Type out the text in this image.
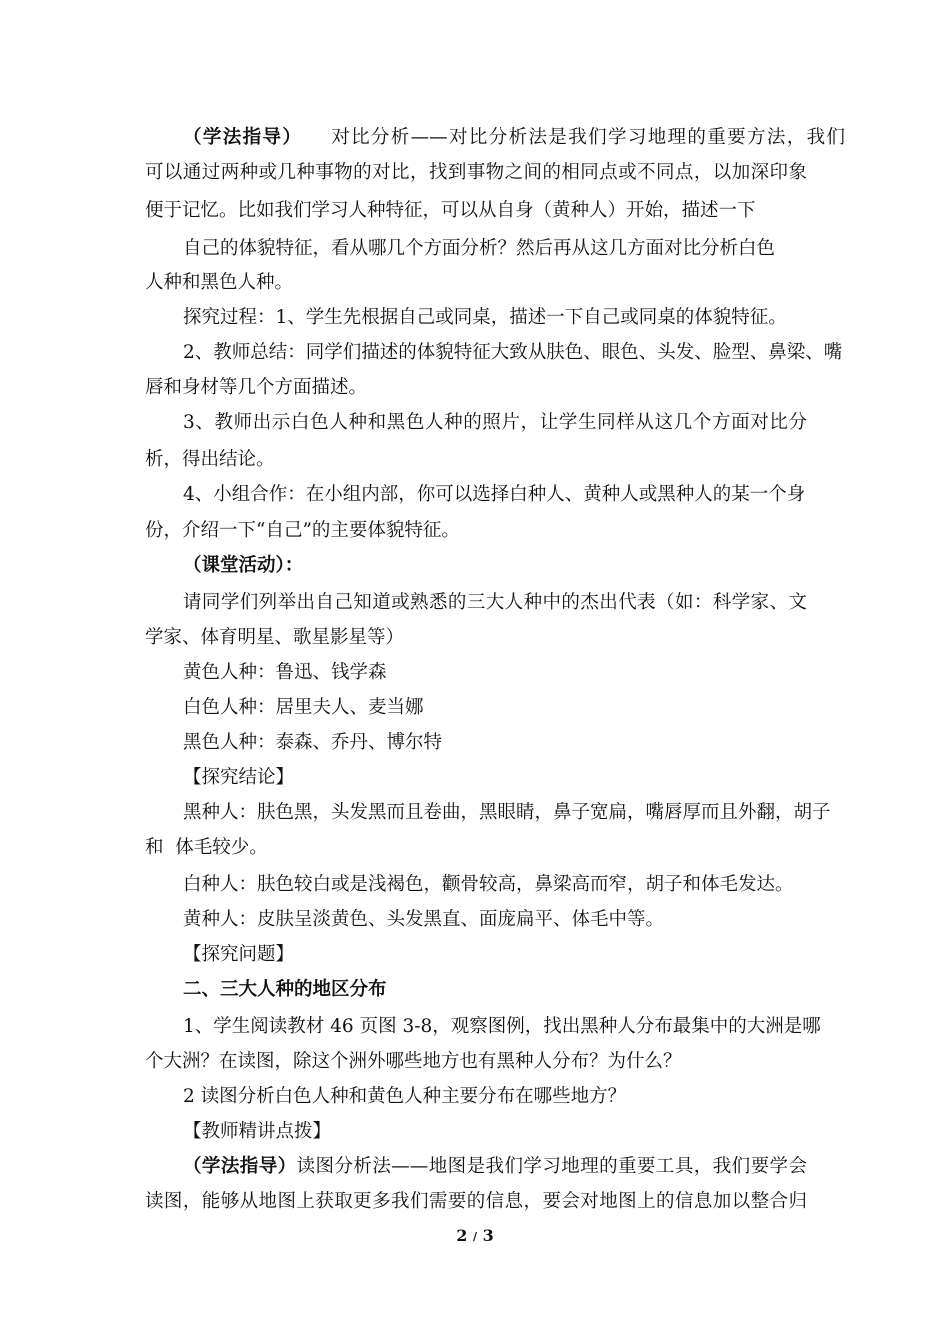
（学法指导） 对比分析——对比分析法是我们学习地理的重要方法，我们
可以通过两种或几种事物的对比，找到事物之间的相同点或不同点，以加深印象
便于记忆。比如我们学习人种特征，可以从自身（黄种人）开始，描述一下
自己的体貌特征，看从哪几个方面分析？然后再从这几方面对比分析白色
人种和黑色人种。
探究过程：1、学生先根据自己或同桌，描述一下自己或同桌的体貌特征。
2、教师总结：同学们描述的体貌特征大致从肤色、眼色、头发、脸型、鼻梁、嘴
唇和身材等几个方面描述。
3、教师出示白色人种和黑色人种的照片，让学生同样从这几个方面对比分
析，得出结论。
4、小组合作：在小组内部，你可以选择白种人、黄种人或黑种人的某一个身
份，介绍一下“自己”的主要体貌特征。
（课堂活动）：
请同学们列举出自己知道或熟悉的三大人种中的杰出代表（如：科学家、文
学家、体育明星、歌星影星等）
黄色人种：鲁迅、钱学森
白色人种：居里夫人、麦当娜
黑色人种：泰森、乔丹、博尔特
【探究结论】
黑种人：肤色黑，头发黑而且卷曲，黑眼睛，鼻子宽扁，嘴唇厚而且外翻，胡子
和  体毛较少。
白种人：肤色较白或是浅褐色，颧骨较高，鼻梁高而窄，胡子和体毛发达。
黄种人：皮肤呈淡黄色、头发黑直、面庞扁平、体毛中等。
【探究问题】
二、三大人种的地区分布
1、学生阅读教材 46 页图 3-8，观察图例，找出黑种人分布最集中的大洲是哪
个大洲？在读图，除这个洲外哪些地方也有黑种人分布？为什么？
2 读图分析白色人种和黄色人种主要分布在哪些地方？
【教师精讲点拨】
（学法指导）读图分析法——地图是我们学习地理的重要工具，我们要学会
读图，能够从地图上获取更多我们需要的信息，要会对地图上的信息加以整合归
2 / 3
